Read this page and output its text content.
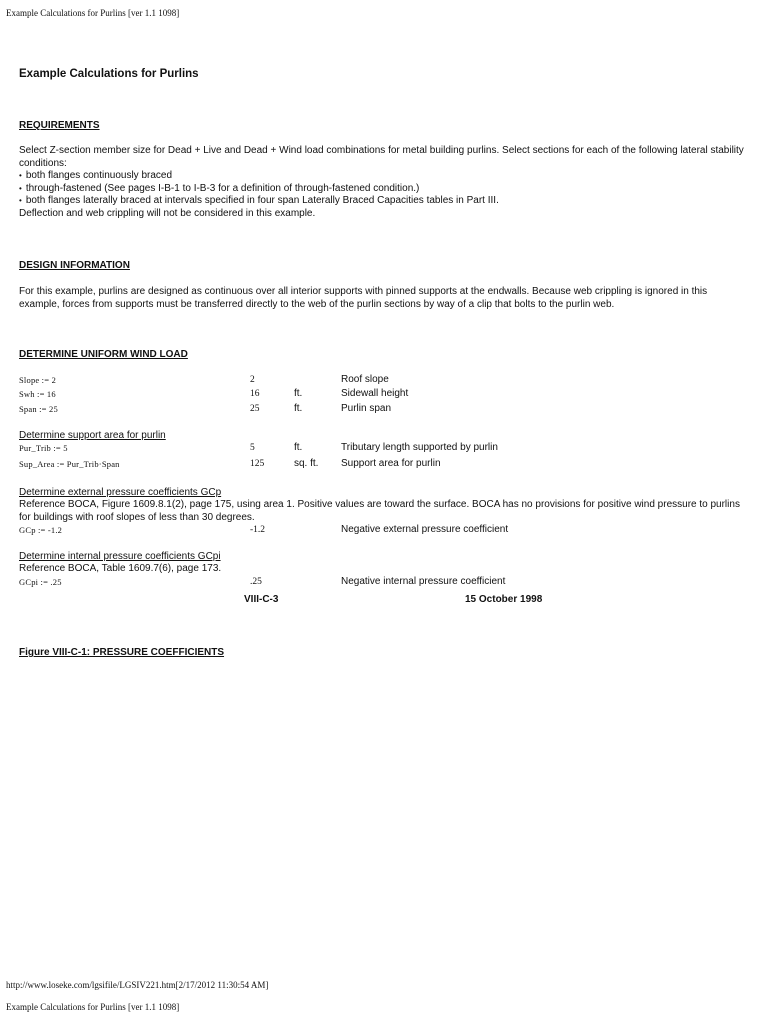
Example Calculations for Purlins [ver 1.1 1098]
Example Calculations for Purlins
REQUIREMENTS

Select Z-section member size for Dead + Live and Dead + Wind load combinations for metal building purlins. Select sections for each of the following lateral stability conditions:

• both flanges continuously braced

• through-fastened (See pages I-B-1 to I-B-3 for a definition of through-fastened condition.)

• both flanges laterally braced at intervals specified in four span Laterally Braced Capacities tables in Part III.

Deflection and web crippling will not be considered in this example.

DESIGN INFORMATION
For this example, purlins are designed as continuous over all interior supports with pinned supports at the endwalls. Because web crippling is ignored in this example, forces from supports must be transferred directly to the web of the purlin sections by way of a clip that bolts to the purlin web.
DETERMINE UNIFORM WIND LOAD
Slope := 2	2	Roof slope
Swh := 16	16	ft.	Sidewall height
Span := 25	25	ft.	Purlin span
Determine support area for purlin
Pur_Trib := 5	5	ft.	Tributary length supported by purlin
Sup_Area := Pur_Trib·Span	125	sq. ft. Support area for purlin
Determine external pressure coefficients GCp
Reference BOCA, Figure 1609.8.1(2), page 175, using area 1. Positive values are toward the surface. BOCA has no provisions for positive wind pressure to purlins for buildings with roof slopes of less than 30 degrees.
GCp := -1.2	-1.2	Negative external pressure coefficient
Determine internal pressure coefficients GCpi
Reference BOCA, Table 1609.7(6), page 173.
GCpi := .25	.25	Negative internal pressure coefficient
VIII-C-3	15 October 1998
Figure VIII-C-1: PRESSURE COEFFICIENTS
http://www.loseke.com/lgsifile/LGSIV221.htm[2/17/2012 11:30:54 AM]
Example Calculations for Purlins [ver 1.1 1098]
